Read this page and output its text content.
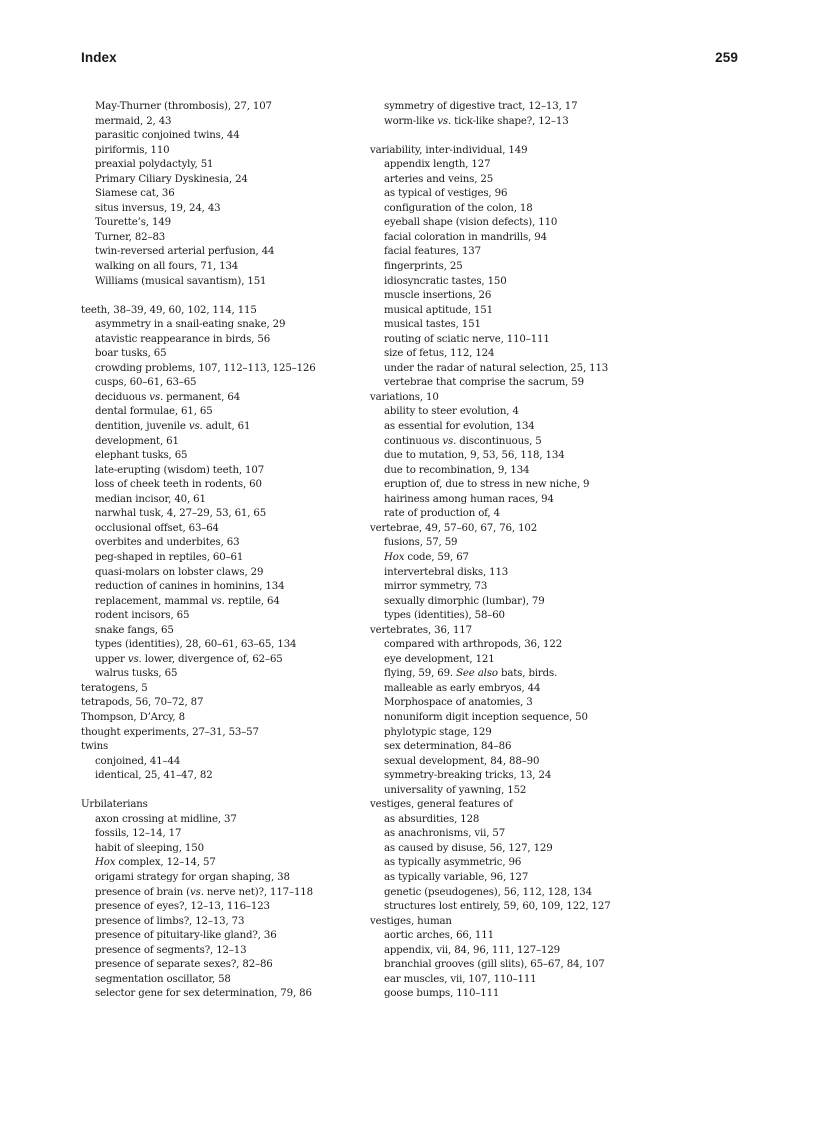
Index	259
May-Thurner (thrombosis), 27, 107
mermaid, 2, 43
parasitic conjoined twins, 44
piriformis, 110
preaxial polydactyly, 51
Primary Ciliary Dyskinesia, 24
Siamese cat, 36
situs inversus, 19, 24, 43
Tourette’s, 149
Turner, 82–83
twin-reversed arterial perfusion, 44
walking on all fours, 71, 134
Williams (musical savantism), 151
teeth, 38–39, 49, 60, 102, 114, 115
asymmetry in a snail-eating snake, 29
atavistic reappearance in birds, 56
boar tusks, 65
crowding problems, 107, 112–113, 125–126
cusps, 60–61, 63–65
deciduous vs. permanent, 64
dental formulae, 61, 65
dentition, juvenile vs. adult, 61
development, 61
elephant tusks, 65
late-erupting (wisdom) teeth, 107
loss of cheek teeth in rodents, 60
median incisor, 40, 61
narwhal tusk, 4, 27–29, 53, 61, 65
occlusional offset, 63–64
overbites and underbites, 63
peg-shaped in reptiles, 60–61
quasi-molars on lobster claws, 29
reduction of canines in hominins, 134
replacement, mammal vs. reptile, 64
rodent incisors, 65
snake fangs, 65
types (identities), 28, 60–61, 63–65, 134
upper vs. lower, divergence of, 62–65
walrus tusks, 65
teratogens, 5
tetrapods, 56, 70–72, 87
Thompson, D’Arcy, 8
thought experiments, 27–31, 53–57
twins
conjoined, 41–44
identical, 25, 41–47, 82
Urbilaterians
axon crossing at midline, 37
fossils, 12–14, 17
habit of sleeping, 150
Hox complex, 12–14, 57
origami strategy for organ shaping, 38
presence of brain (vs. nerve net)?, 117–118
presence of eyes?, 12–13, 116–123
presence of limbs?, 12–13, 73
presence of pituitary-like gland?, 36
presence of segments?, 12–13
presence of separate sexes?, 82–86
segmentation oscillator, 58
selector gene for sex determination, 79, 86
symmetry of digestive tract, 12–13, 17
worm-like vs. tick-like shape?, 12–13
variability, inter-individual, 149
appendix length, 127
arteries and veins, 25
as typical of vestiges, 96
configuration of the colon, 18
eyeball shape (vision defects), 110
facial coloration in mandrills, 94
facial features, 137
fingerprints, 25
idiosyncratic tastes, 150
muscle insertions, 26
musical aptitude, 151
musical tastes, 151
routing of sciatic nerve, 110–111
size of fetus, 112, 124
under the radar of natural selection, 25, 113
vertebrae that comprise the sacrum, 59
variations, 10
ability to steer evolution, 4
as essential for evolution, 134
continuous vs. discontinuous, 5
due to mutation, 9, 53, 56, 118, 134
due to recombination, 9, 134
eruption of, due to stress in new niche, 9
hairiness among human races, 94
rate of production of, 4
vertebrae, 49, 57–60, 67, 76, 102
fusions, 57, 59
Hox code, 59, 67
intervertebral disks, 113
mirror symmetry, 73
sexually dimorphic (lumbar), 79
types (identities), 58–60
vertebrates, 36, 117
compared with arthropods, 36, 122
eye development, 121
flying, 59, 69. See also bats, birds.
malleable as early embryos, 44
Morphospace of anatomies, 3
nonuniform digit inception sequence, 50
phylotypic stage, 129
sex determination, 84–86
sexual development, 84, 88–90
symmetry-breaking tricks, 13, 24
universality of yawning, 152
vestiges, general features of
as absurdities, 128
as anachronisms, vii, 57
as caused by disuse, 56, 127, 129
as typically asymmetric, 96
as typically variable, 96, 127
genetic (pseudogenes), 56, 112, 128, 134
structures lost entirely, 59, 60, 109, 122, 127
vestiges, human
aortic arches, 66, 111
appendix, vii, 84, 96, 111, 127–129
branchial grooves (gill slits), 65–67, 84, 107
ear muscles, vii, 107, 110–111
goose bumps, 110–111
